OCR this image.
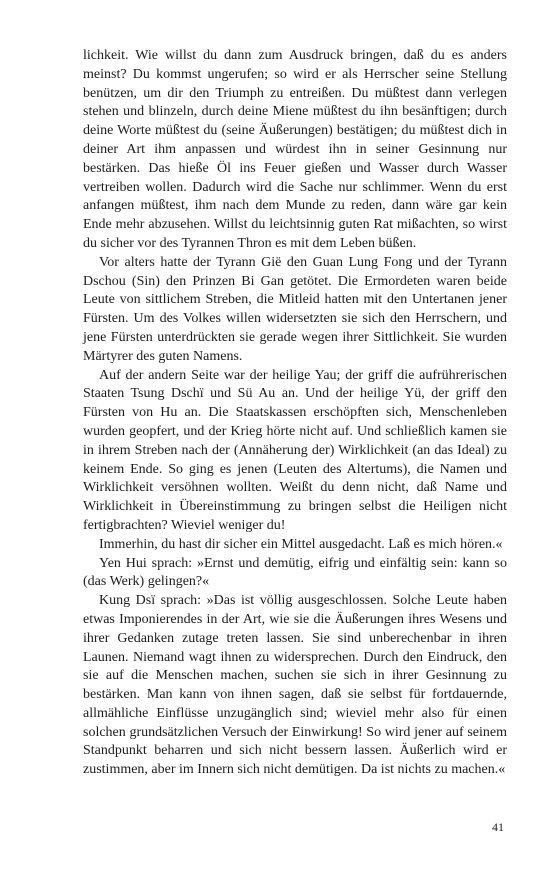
lichkeit. Wie willst du dann zum Ausdruck bringen, daß du es anders meinst? Du kommst ungerufen; so wird er als Herrscher seine Stellung benützen, um dir den Triumph zu entreißen. Du müßtest dann verlegen stehen und blinzeln, durch deine Miene müßtest du ihn besänftigen; durch deine Worte müßtest du (seine Äußerungen) bestätigen; du müßtest dich in deiner Art ihm anpassen und würdest ihn in seiner Gesinnung nur bestärken. Das hieße Öl ins Feuer gießen und Wasser durch Wasser vertreiben wollen. Dadurch wird die Sache nur schlimmer. Wenn du erst anfangen müßtest, ihm nach dem Munde zu reden, dann wäre gar kein Ende mehr abzusehen. Willst du leichtsinnig guten Rat mißachten, so wirst du sicher vor des Tyrannen Thron es mit dem Leben büßen.

Vor alters hatte der Tyrann Gië den Guan Lung Fong und der Tyrann Dschou (Sin) den Prinzen Bi Gan getötet. Die Ermordeten waren beide Leute von sittlichem Streben, die Mitleid hatten mit den Untertanen jener Fürsten. Um des Volkes willen widersetzten sie sich den Herrschern, und jene Fürsten unterdrückten sie gerade wegen ihrer Sittlichkeit. Sie wurden Märtyrer des guten Namens.

Auf der andern Seite war der heilige Yau; der griff die aufrührerischen Staaten Tsung Dschï und Sü Au an. Und der heilige Yü, der griff den Fürsten von Hu an. Die Staatskassen erschöpften sich, Menschenleben wurden geopfert, und der Krieg hörte nicht auf. Und schließlich kamen sie in ihrem Streben nach der (Annäherung der) Wirklichkeit (an das Ideal) zu keinem Ende. So ging es jenen (Leuten des Altertums), die Namen und Wirklichkeit versöhnen wollten. Weißt du denn nicht, daß Name und Wirklichkeit in Übereinstimmung zu bringen selbst die Heiligen nicht fertigbrachten? Wieviel weniger du!

Immerhin, du hast dir sicher ein Mittel ausgedacht. Laß es mich hören.«

Yen Hui sprach: »Ernst und demütig, eifrig und einfältig sein: kann so (das Werk) gelingen?«

Kung Dsï sprach: »Das ist völlig ausgeschlossen. Solche Leute haben etwas Imponierendes in der Art, wie sie die Äußerungen ihres Wesens und ihrer Gedanken zutage treten lassen. Sie sind unberechenbar in ihren Launen. Niemand wagt ihnen zu widersprechen. Durch den Eindruck, den sie auf die Menschen machen, suchen sie sich in ihrer Gesinnung zu bestärken. Man kann von ihnen sagen, daß sie selbst für fortdauernde, allmähliche Einflüsse unzugänglich sind; wieviel mehr also für einen solchen grundsätzlichen Versuch der Einwirkung! So wird jener auf seinem Standpunkt beharren und sich nicht bessern lassen. Äußerlich wird er zustimmen, aber im Innern sich nicht demütigen. Da ist nichts zu machen.«

41
